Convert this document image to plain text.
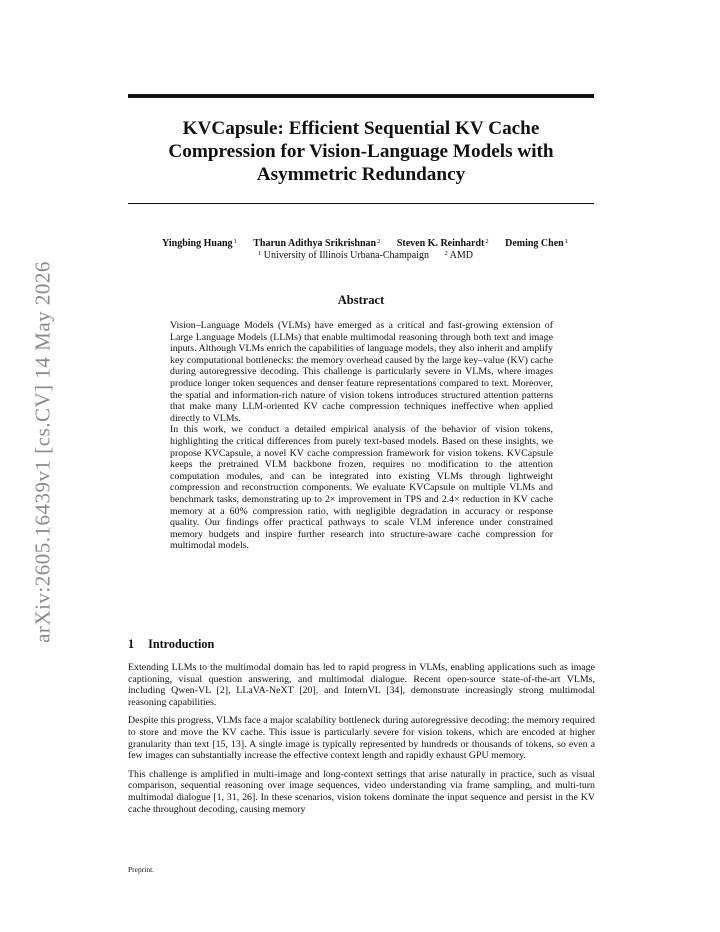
arXiv:2605.16439v1 [cs.CV] 14 May 2026
KVCapsule: Efficient Sequential KV Cache
Compression for Vision-Language Models with
Asymmetric Redundancy
Yingbing Huang$^1$ Tharun Adithya Srikrishnan$^2$ Steven K. Reinhardt$^2$ Deming Chen$^1$
$^1$ University of Illinois Urbana-Champaign $^2$ AMD
Abstract

Vision–Language Models (VLMs) have emerged as a critical and fast-growing extension of Large Language Models (LLMs) that enable multimodal reasoning through both text and image inputs. Although VLMs enrich the capabilities of language models, they also inherit and amplify key computational bottlenecks: the memory overhead caused by the large key–value (KV) cache during autoregressive decoding. This challenge is particularly severe in VLMs, where images produce longer token sequences and denser feature representations compared to text. Moreover, the spatial and information-rich nature of vision tokens introduces structured attention patterns that make many LLM-oriented KV cache compression techniques ineffective when applied directly to VLMs.

In this work, we conduct a detailed empirical analysis of the behavior of vision tokens, highlighting the critical differences from purely text-based models. Based on these insights, we propose KVCapsule, a novel KV cache compression framework for vision tokens. KVCapsule keeps the pretrained VLM backbone frozen, requires no modification to the attention computation modules, and can be integrated into existing VLMs through lightweight compression and reconstruction components. We evaluate KVCapsule on multiple VLMs and benchmark tasks, demonstrating up to 2× improvement in TPS and 2.4× reduction in KV cache memory at a 60% compression ratio, with negligible degradation in accuracy or response quality. Our findings offer practical pathways to scale VLM inference under constrained memory budgets and inspire further research into structure-aware cache compression for multimodal models.

1 Introduction

Extending LLMs to the multimodal domain has led to rapid progress in VLMs, enabling applications such as image captioning, visual question answering, and multimodal dialogue. Recent open-source state-of-the-art VLMs, including Qwen-VL [2], LLaVA-NeXT [20], and InternVL [34], demonstrate increasingly strong multimodal reasoning capabilities.

Despite this progress, VLMs face a major scalability bottleneck during autoregressive decoding: the memory required to store and move the KV cache. This issue is particularly severe for vision tokens, which are encoded at higher granularity than text [15, 13]. A single image is typically represented by hundreds or thousands of tokens, so even a few images can substantially increase the effective context length and rapidly exhaust GPU memory.

This challenge is amplified in multi-image and long-context settings that arise naturally in practice, such as visual comparison, sequential reasoning over image sequences, video understanding via frame sampling, and multi-turn multimodal dialogue [1, 31, 26]. In these scenarios, vision tokens dominate the input sequence and persist in the KV cache throughout decoding, causing memory

Preprint.
